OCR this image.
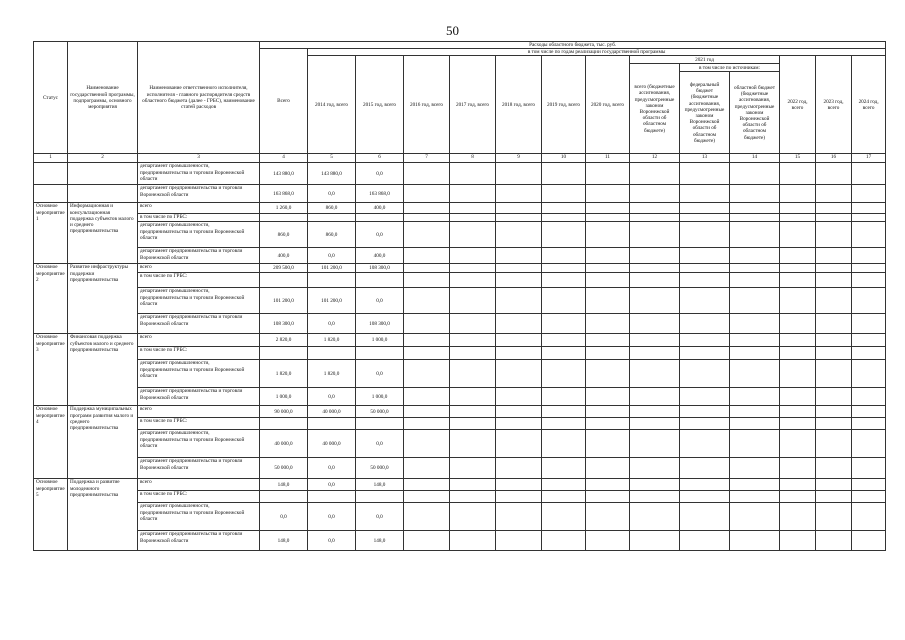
50
Статус	Наименование государственной программы, подпрограммы, основного мероприятия	Наименование ответственного исполнителя, исполнителя - главного распорядителя средств областного бюджета (далее - ГРБС), наименование статей расходов	Расходы областного бюджета, тыс. руб.													
			Всего	в том числе по годам реализации государственной программы												
				2014 год, всего	2015 год, всего	2016 год, всего	2017 год, всего	2018 год, всего	2019 год, всего	2020 год, всего	2021 год			2022 год, всего	2023 год, всего	2024 год, всего
											всего (бюджетные ассигнования, предусмотренные законом Воронежской области об областном бюджете)	в том числе по источникам:				
												федеральный бюджет (бюджетные ассигнования, предусмотренные законом Воронежской области об областном бюджете)	областной бюджет (бюджетные ассигнования, предусмотренные законом Воронежской области об областном бюджете)			
1	2	3	4	5	6	7	8	9	10	11	12	13	14	15	16	17
		департамент промышленности, предпринимательства и торговли Воронежской области	143 880,0	143 880,0	0,0											
		департамент предпринимательства и торговли Воронежской области	163 868,0	0,0	163 868,0											
Основное мероприятие 1	Информационная и консультационная поддержка субъектов малого и среднего предпринимательства	всего	1 260,0	860,0	400,0											
		в том числе по ГРБС:														
		департамент промышленности, предпринимательства и торговли Воронежской области	860,0	860,0	0,0											
		департамент предпринимательства и торговли Воронежской области	400,0	0,0	400,0											
Основное мероприятие 2	Развитие инфраструктуры поддержки предпринимательства	всего	209 500,0	101 200,0	108 300,0											
		в том числе по ГРБС:														
		департамент промышленности, предпринимательства и торговли Воронежской области	101 200,0	101 200,0	0,0											
		департамент предпринимательства и торговли Воронежской области	108 300,0	0,0	108 300,0											
Основное мероприятие 3	Финансовая поддержка субъектов малого и среднего предпринимательства	всего	2 820,0	1 820,0	1 000,0											
		в том числе по ГРБС:														
		департамент промышленности, предпринимательства и торговли Воронежской области	1 820,0	1 820,0	0,0											
		департамент предпринимательства и торговли Воронежской области	1 000,0	0,0	1 000,0											
Основное мероприятие 4	Поддержка муниципальных программ развития малого и среднего предпринимательства	всего	90 000,0	40 000,0	50 000,0											
		в том числе по ГРБС:														
		департамент промышленности, предпринимательства и торговли Воронежской области	40 000,0	40 000,0	0,0											
		департамент предпринимательства и торговли Воронежской области	50 000,0	0,0	50 000,0											
Основное мероприятие 5	Поддержка и развитие молодежного предпринимательства	всего	148,0	0,0	148,0											
		в том числе по ГРБС:														
		департамент промышленности, предпринимательства и торговли Воронежской области	0,0	0,0	0,0											
		департамент предпринимательства и торговли Воронежской области	148,0	0,0	148,0											
